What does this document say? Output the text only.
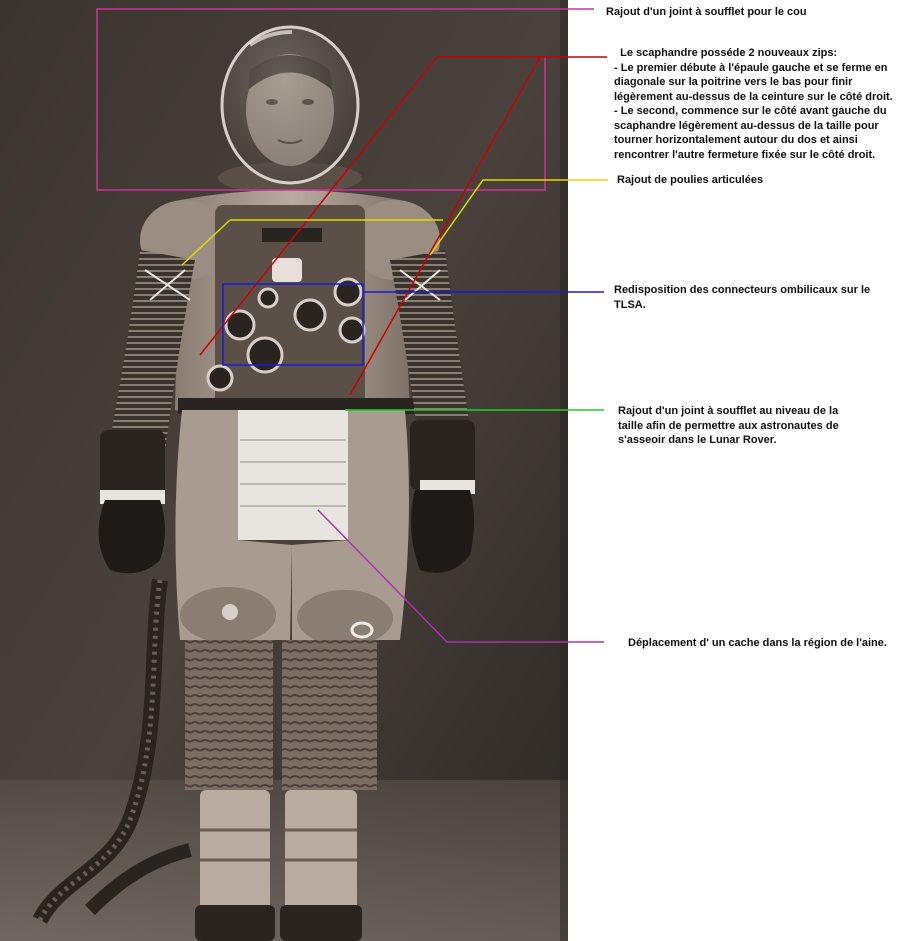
Rajout d'un joint à soufflet pour le cou
Le scaphandre posséde 2 nouveaux zips:
- Le premier débute à l'épaule gauche et se ferme en
diagonale sur la poitrine vers le bas pour finir
légèrement au-dessus de la ceinture sur le côté droit.
- Le second, commence sur le côté avant gauche du
scaphandre légèrement au-dessus de la taille pour
tourner horizontalement autour du dos et ainsi
rencontrer l'autre fermeture fixée sur le côté droit.
Rajout de poulies articulées
Redisposition des connecteurs ombilicaux sur le
TLSA.
Rajout d'un joint à soufflet au niveau de la
taille afin de permettre aux astronautes de
s'asseoir dans le Lunar Rover.
Déplacement d' un cache dans la région de l'aine.
